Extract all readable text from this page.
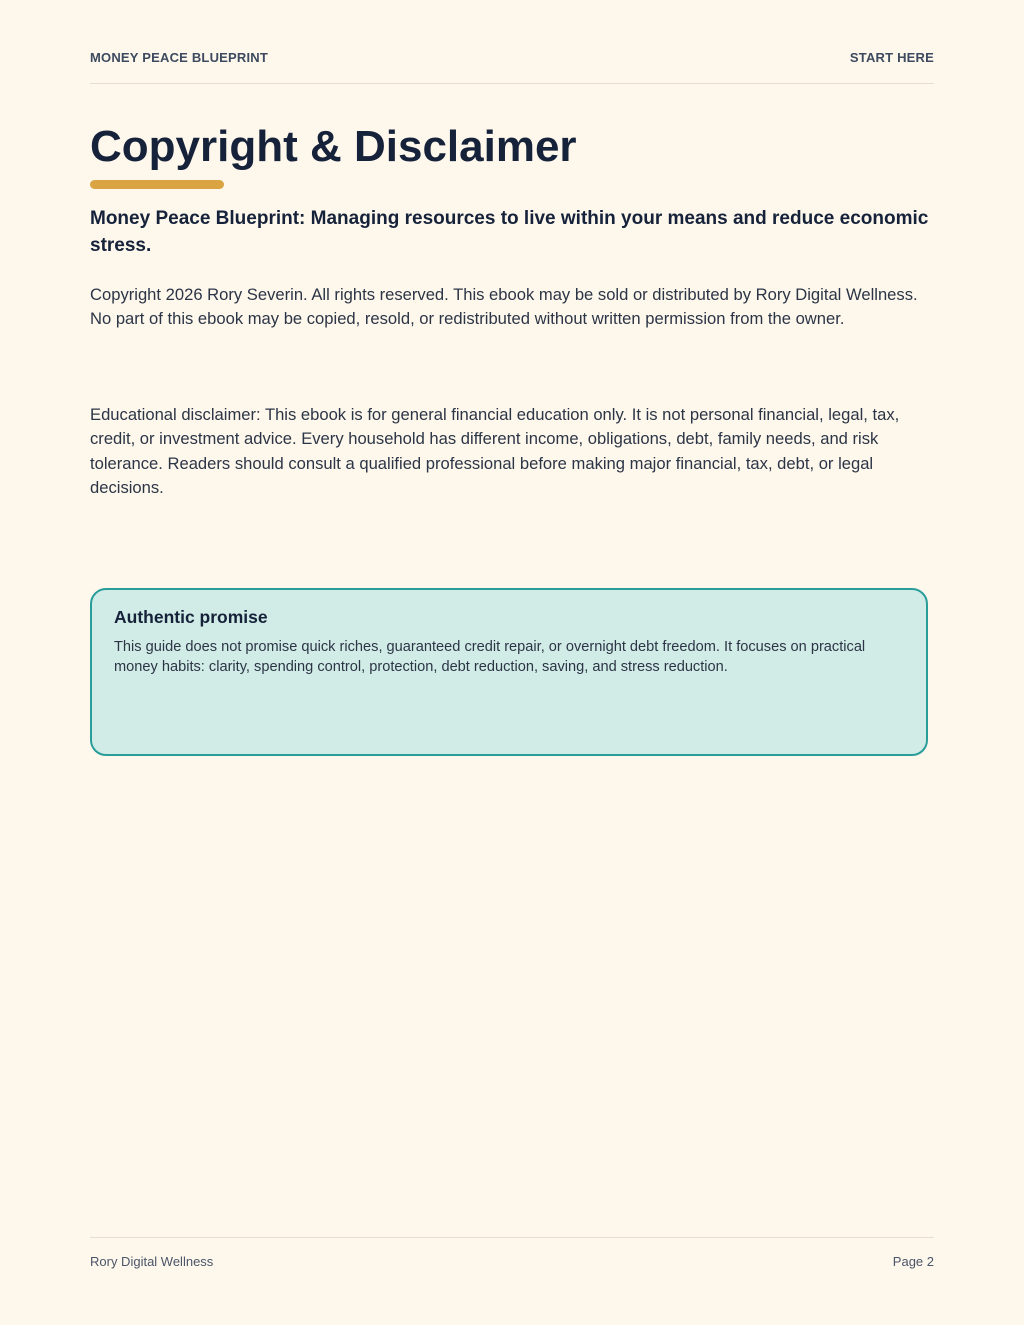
MONEY PEACE BLUEPRINT	START HERE
Copyright & Disclaimer

Money Peace Blueprint: Managing resources to live within your means and reduce economic stress.

Copyright 2026 Rory Severin. All rights reserved. This ebook may be sold or distributed by Rory Digital Wellness. No part of this ebook may be copied, resold, or redistributed without written permission from the owner.

Educational disclaimer: This ebook is for general financial education only. It is not personal financial, legal, tax, credit, or investment advice. Every household has different income, obligations, debt, family needs, and risk tolerance. Readers should consult a qualified professional before making major financial, tax, debt, or legal decisions.

Authentic promise

This guide does not promise quick riches, guaranteed credit repair, or overnight debt freedom. It focuses on practical money habits: clarity, spending control, protection, debt reduction, saving, and stress reduction.

Rory Digital Wellness	Page 2
